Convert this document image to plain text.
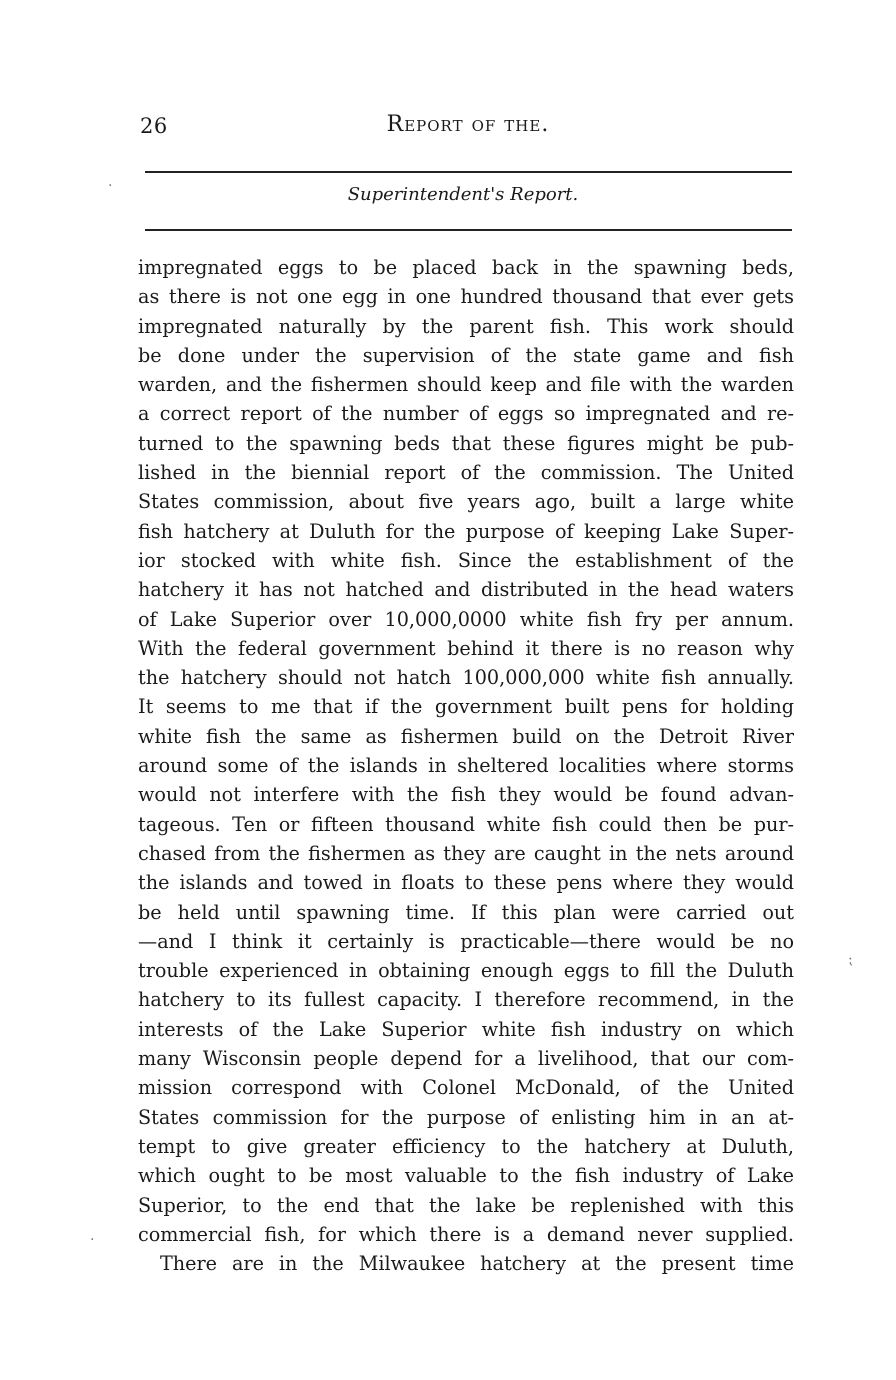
26	Report of the.
Superintendent's Report.
impregnated eggs to be placed back in the spawning beds,
as there is not one egg in one hundred thousand that ever gets
impregnated naturally by the parent fish. This work should
be done under the supervision of the state game and fish
warden, and the fishermen should keep and file with the warden
a correct report of the number of eggs so impregnated and re-
turned to the spawning beds that these figures might be pub-
lished in the biennial report of the commission. The United
States commission, about five years ago, built a large white
fish hatchery at Duluth for the purpose of keeping Lake Super-
ior stocked with white fish. Since the establishment of the
hatchery it has not hatched and distributed in the head waters
of Lake Superior over 10,000,0000 white fish fry per annum.
With the federal government behind it there is no reason why
the hatchery should not hatch 100,000,000 white fish annually.
It seems to me that if the government built pens for holding
white fish the same as fishermen build on the Detroit River
around some of the islands in sheltered localities where storms
would not interfere with the fish they would be found advan-
tageous. Ten or fifteen thousand white fish could then be pur-
chased from the fishermen as they are caught in the nets around
the islands and towed in floats to these pens where they would
be held until spawning time. If this plan were carried out
—and I think it certainly is practicable—there would be no
trouble experienced in obtaining enough eggs to fill the Duluth
hatchery to its fullest capacity. I therefore recommend, in the
interests of the Lake Superior white fish industry on which
many Wisconsin people depend for a livelihood, that our com-
mission correspond with Colonel McDonald, of the United
States commission for the purpose of enlisting him in an at-
tempt to give greater efficiency to the hatchery at Duluth,
which ought to be most valuable to the fish industry of Lake
Superior, to the end that the lake be replenished with this
commercial fish, for which there is a demand never supplied.
There are in the Milwaukee hatchery at the present time
·
⁏
·
